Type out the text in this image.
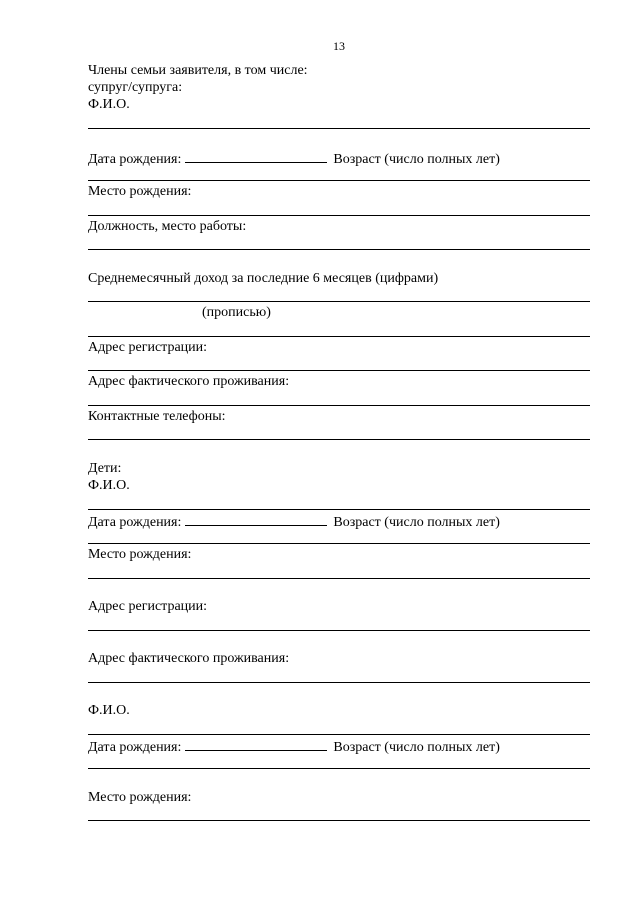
13
Члены семьи заявителя, в том числе:
супруг/супруга:
Ф.И.О.
Дата рождения:	Возраст (число полных лет)
Место рождения:
Должность, место работы:
Среднемесячный доход за последние 6 месяцев (цифрами)
(прописью)
Адрес регистрации:
Адрес фактического проживания:
Контактные телефоны:
Дети:
Ф.И.О.
Дата рождения:	Возраст (число полных лет)
Место рождения:
Адрес регистрации:
Адрес фактического проживания:
Ф.И.О.
Дата рождения:	Возраст (число полных лет)
Место рождения:
